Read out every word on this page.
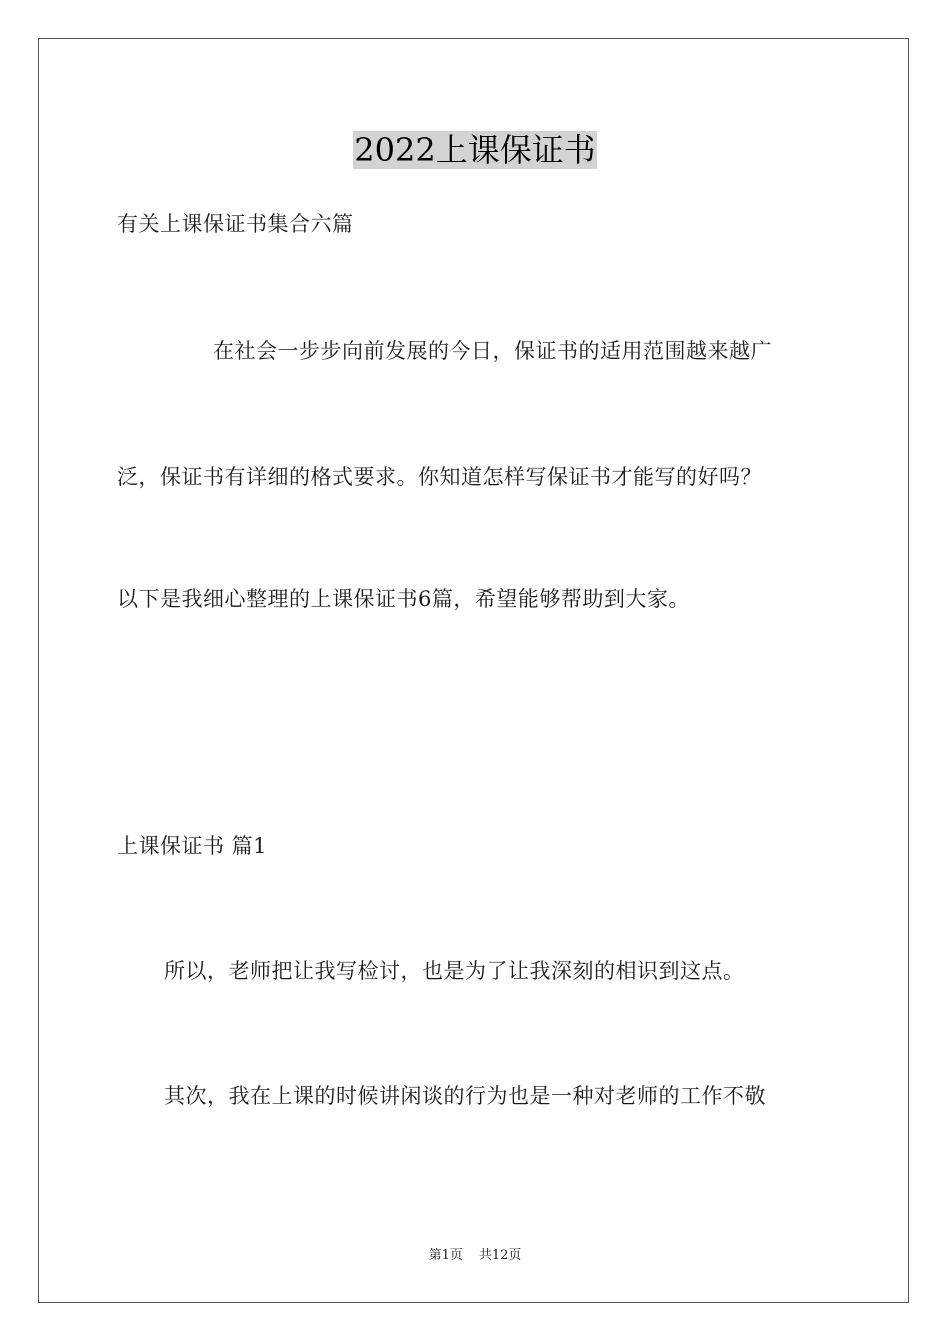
2022上课保证书
有关上课保证书集合六篇
在社会一步步向前发展的今日，保证书的适用范围越来越广
泛，保证书有详细的格式要求。你知道怎样写保证书才能写的好吗？
以下是我细心整理的上课保证书6篇，希望能够帮助到大家。
上课保证书 篇1
所以，老师把让我写检讨，也是为了让我深刻的相识到这点。
其次，我在上课的时候讲闲谈的行为也是一种对老师的工作不敬
第1页 共12页
